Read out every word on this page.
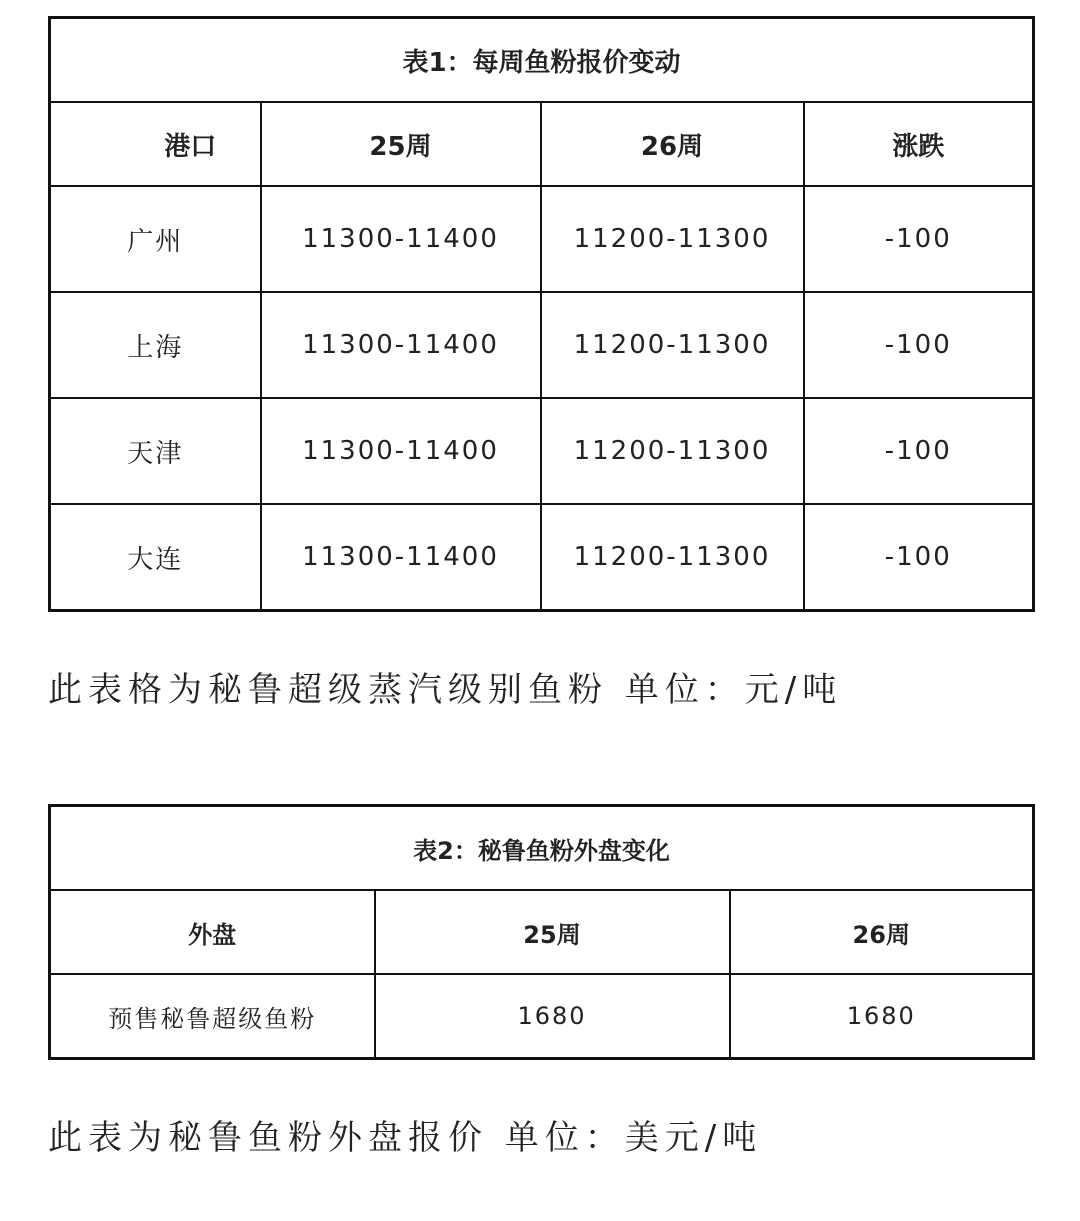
表1：每周鱼粉报价变动			
港口	25周	26周	涨跌
广州	11300-11400	11200-11300	-100
上海	11300-11400	11200-11300	-100
天津	11300-11400	11200-11300	-100
大连	11300-11400	11200-11300	-100
此表格为秘鲁超级蒸汽级别鱼粉 单位：元/吨
表2：秘鲁鱼粉外盘变化		
外盘	25周	26周
预售秘鲁超级鱼粉	1680	1680
此表为秘鲁鱼粉外盘报价 单位：美元/吨
